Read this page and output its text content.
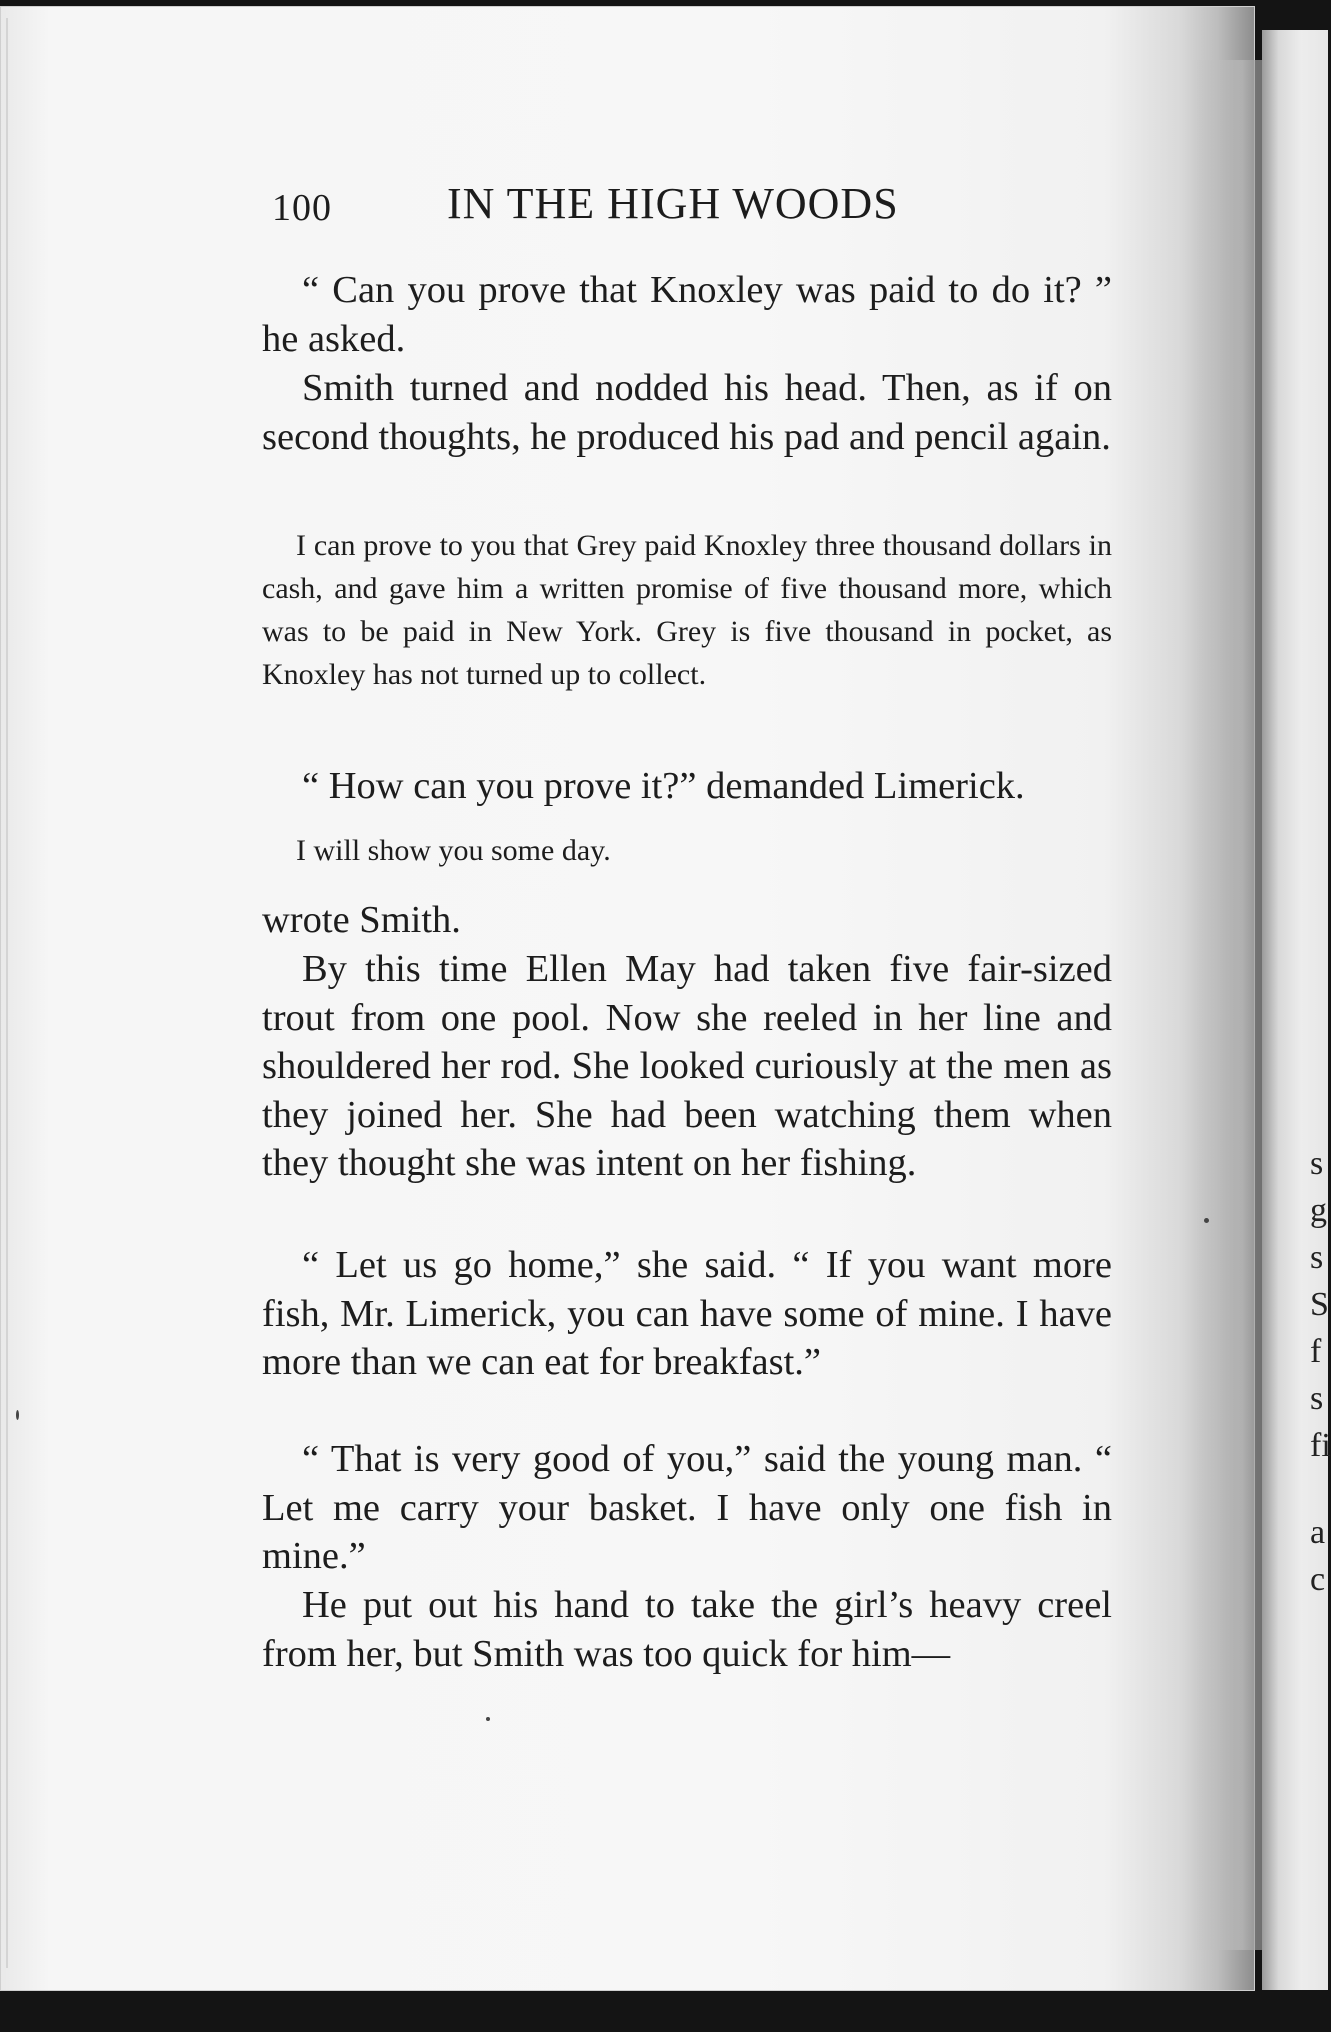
s
g
s
S
f
s
fi
a
c
100	IN THE HIGH WOODS
“ Can you prove that Knoxley was paid to do it? ” he asked.
Smith turned and nodded his head. Then, as if on second thoughts, he produced his pad and pencil again.
I can prove to you that Grey paid Knoxley three thousand dollars in cash, and gave him a written promise of five thousand more, which was to be paid in New York. Grey is five thousand in pocket, as Knoxley has not turned up to collect.
“ How can you prove it?” demanded Limerick.
I will show you some day.
wrote Smith.
By this time Ellen May had taken five fair-sized trout from one pool. Now she reeled in her line and shouldered her rod. She looked curiously at the men as they joined her. She had been watching them when they thought she was intent on her fishing.
“ Let us go home,” she said. “ If you want more fish, Mr. Limerick, you can have some of mine. I have more than we can eat for breakfast.”
“ That is very good of you,” said the young man. “ Let me carry your basket. I have only one fish in mine.”
He put out his hand to take the girl’s heavy creel from her, but Smith was too quick for him—
